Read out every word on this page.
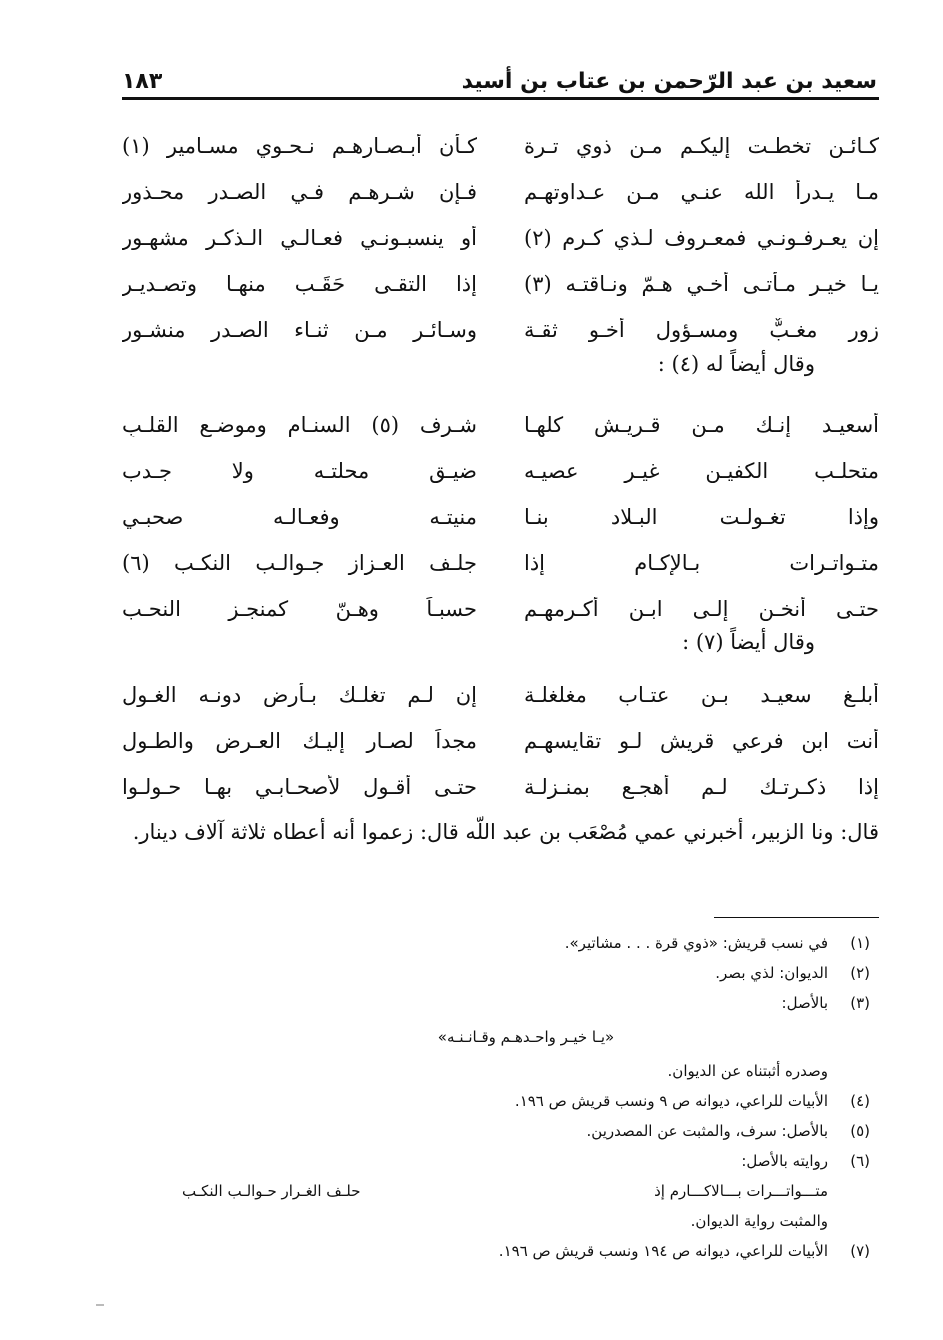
١٨٣	سعيد بن عبد الرّحمن بن عتاب بن أسيد
كـائـن تخطـت إليكـم مـن ذوي تـرة
كـأن أبـصـارهـم نـحـوي مسـامير (١)
مـا يـدرأ الله عنـي مـن عـداوتهـم
فـإن شـرهـم فـي الصـدر محـذور
إن يعـرفـونـي فمعـروف لـذي كـرم (٢)
أو ينسبـونـي فعـالـي الـذكـر مشهـور
يـا خيـر مـأتـى أخـي هـمّ ونـاقتـه (٣)
إذا التقـى حَقَـب منهـا وتصـديـر
زور مغـبٌّ ومسـؤول أخـو ثقـة
وسـائـر مـن ثنـاء الصـدر منشـور
وقال أيضاً له (٤) :
أسعيـد إنـك مـن قـريـش كلهـا
شـرف (٥) السنـام وموضـع القلـبِ
متحلـب الكفيـن غيـر عصيـه
ضيـق محلتـه ولا جـدب
وإذا تغـولـت البـلاد بنـا
منيتـه وفعـالـه صحبـي
متـواتـرات بـالإكـام إذا
جلـف العـزاز جـوالـب النكـب (٦)
حتـى أنخـن إلـى ابـن أكـرمهـم
حسبـاً وهـنّ كمنجـز النحـب
وقال أيضاً (٧) :
أبلـغ سعيـد بـن عتـاب مغلغلـة
إن لـم تغلـك بـأرض دونـه الغـول
أنت ابن فرعي قريش لـو تقايسهـم
مجداً لصـار إليـك العـرض والطـول
إذا ذكـرتـك لـم أهجـع بمنـزلـة
حتـى أقـول لأصحـابـي بهـا حـولـوا
قال: ونا الزبير، أخبرني عمي مُصْعَب بن عبد اللّه قال: زعموا أنه أعطاه ثلاثة آلاف دينار.
(١)في نسب قريش: «ذوي قرة . . . مشاتير».
(٢)الديوان: لذي بصر.
(٣)بالأصل:
«يـا خيـر واحـدهـم وقـانـنـه»
وصدره أثبتناه عن الديوان.
(٤)الأبيات للراعي، ديوانه ص ٩ ونسب قريش ص ١٩٦.
(٥)بالأصل: سرف، والمثبت عن المصدرين.
(٦)روايته بالأصل:
متـــواتـــرات بـــالاكـــارم إذ
حلـف الغـرار حـوالـب النكـب
والمثبت رواية الديوان.
(٧)الأبيات للراعي، ديوانه ص ١٩٤ ونسب قريش ص ١٩٦.
